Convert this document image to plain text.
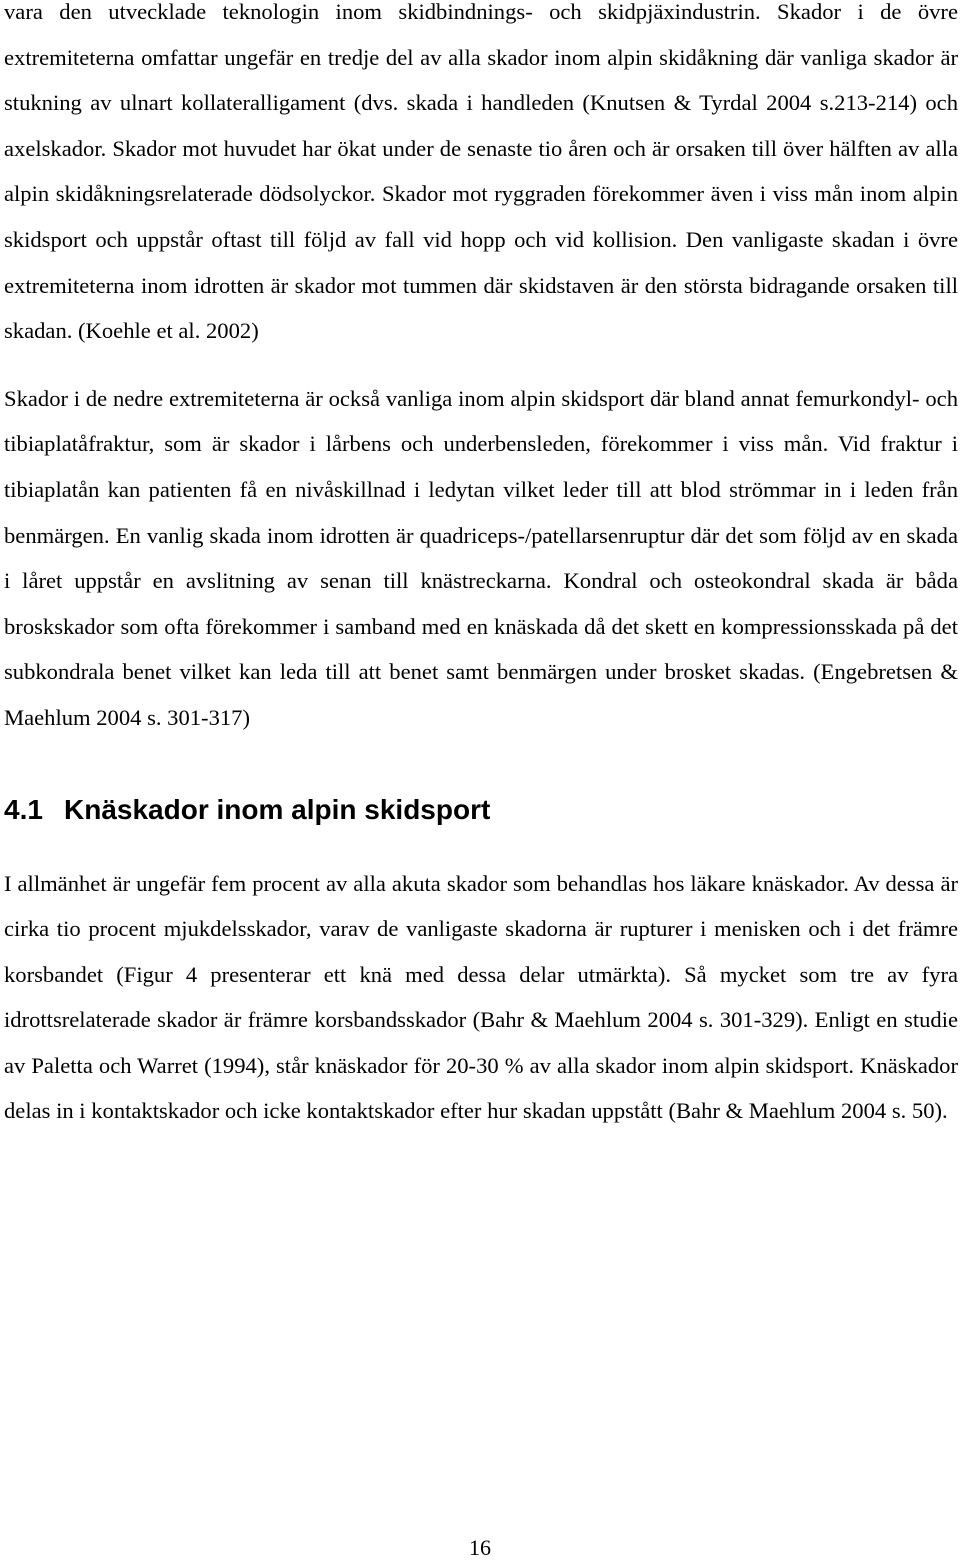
vara den utvecklade teknologin inom skidbindnings- och skidpjäxindustrin. Skador i de övre extremiteterna omfattar ungefär en tredje del av alla skador inom alpin skidåkning där vanliga skador är stukning av ulnart kollateralligament (dvs. skada i handleden (Knutsen & Tyrdal 2004 s.213-214) och axelskador. Skador mot huvudet har ökat under de senaste tio åren och är orsaken till över hälften av alla alpin skidåkningsrelaterade dödsolyckor. Skador mot ryggraden förekommer även i viss mån inom alpin skidsport och uppstår oftast till följd av fall vid hopp och vid kollision. Den vanligaste skadan i övre extremiteterna inom idrotten är skador mot tummen där skidstaven är den största bidragande orsaken till skadan. (Koehle et al. 2002)

Skador i de nedre extremiteterna är också vanliga inom alpin skidsport där bland annat femurkondyl- och tibiaplatåfraktur, som är skador i lårbens och underbensleden, förekommer i viss mån. Vid fraktur i tibiaplatån kan patienten få en nivåskillnad i ledytan vilket leder till att blod strömmar in i leden från benmärgen. En vanlig skada inom idrotten är quadriceps-/patellarsenruptur där det som följd av en skada i låret uppstår en avslitning av senan till knästreckarna. Kondral och osteokondral skada är båda broskskador som ofta förekommer i samband med en knäskada då det skett en kompressionsskada på det subkondrala benet vilket kan leda till att benet samt benmärgen under brosket skadas. (Engebretsen & Maehlum 2004 s. 301-317)

4.1 Knäskador inom alpin skidsport

I allmänhet är ungefär fem procent av alla akuta skador som behandlas hos läkare knäskador. Av dessa är cirka tio procent mjukdelsskador, varav de vanligaste skadorna är rupturer i menisken och i det främre korsbandet (Figur 4 presenterar ett knä med dessa delar utmärkta). Så mycket som tre av fyra idrottsrelaterade skador är främre korsbandsskador (Bahr & Maehlum 2004 s. 301-329). Enligt en studie av Paletta och Warret (1994), står knäskador för 20-30 % av alla skador inom alpin skidsport. Knäskador delas in i kontaktskador och icke kontaktskador efter hur skadan uppstått (Bahr & Maehlum 2004 s. 50).

16
